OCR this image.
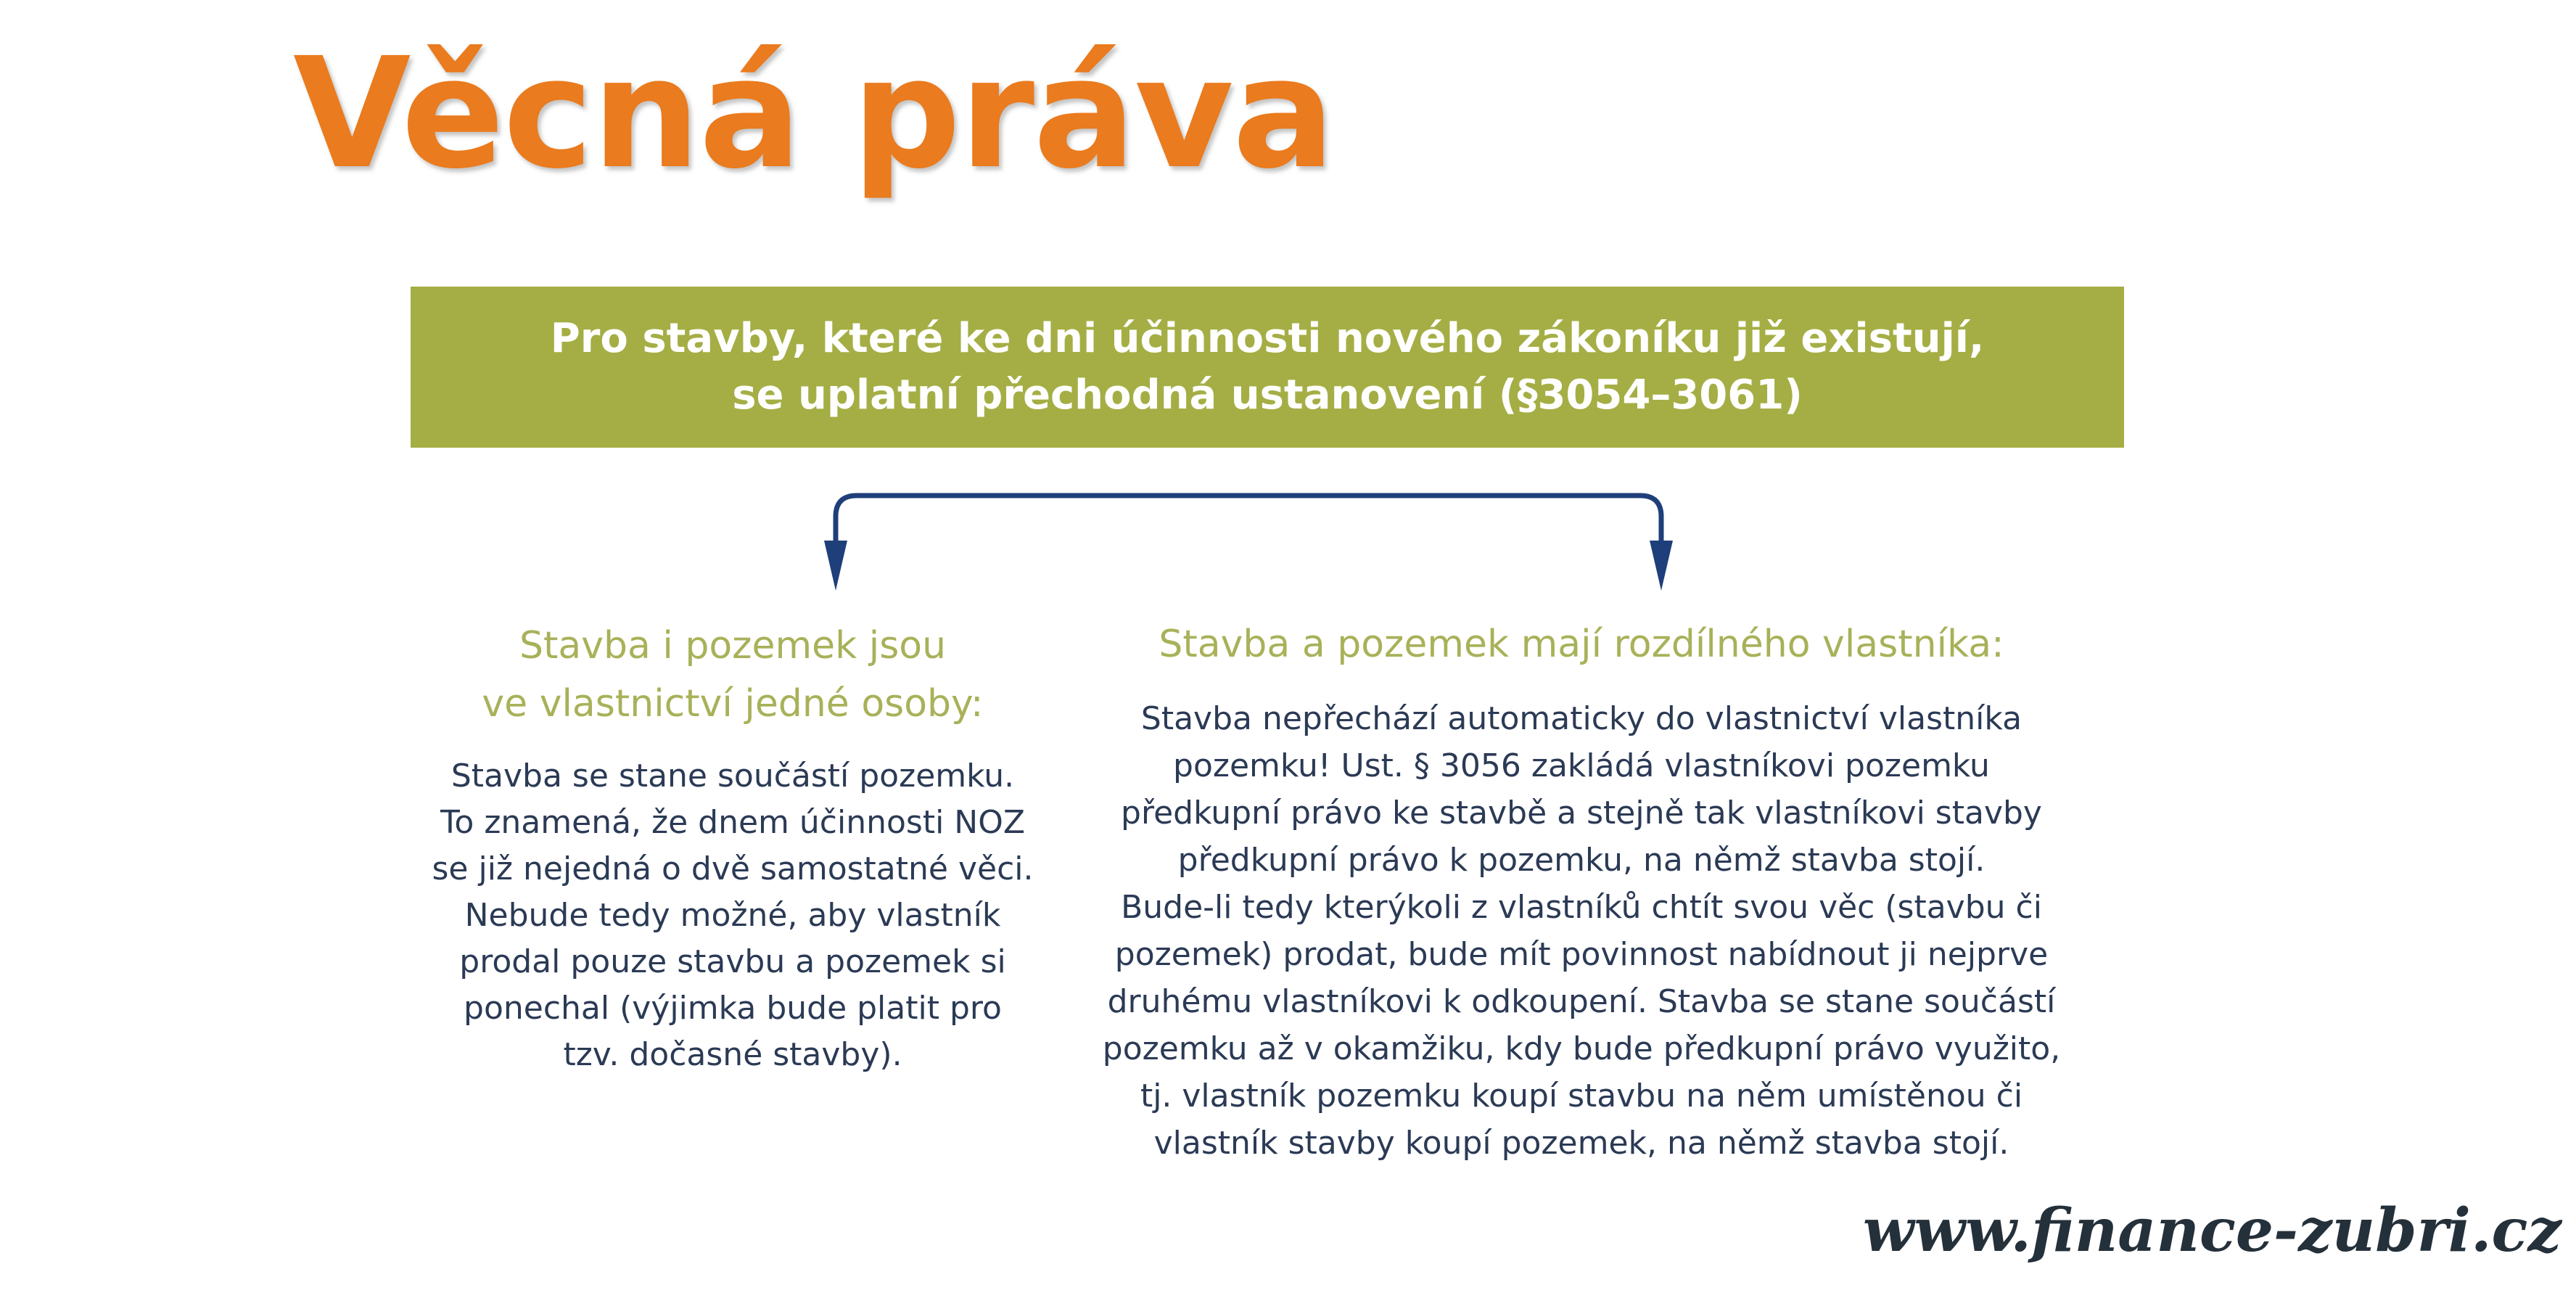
Věcná práva
Pro stavby, které ke dni účinnosti nového zákoníku již existují,
se uplatní přechodná ustanovení (§3054–3061)
Stavba i pozemek jsou
ve vlastnictví jedné osoby:
Stavba a pozemek mají rozdílného vlastníka:
Stavba se stane součástí pozemku.
To znamená, že dnem účinnosti NOZ
se již nejedná o dvě samostatné věci.
Nebude tedy možné, aby vlastník
prodal pouze stavbu a pozemek si
ponechal (výjimka bude platit pro
tzv. dočasné stavby).
Stavba nepřechází automaticky do vlastnictví vlastníka
pozemku! Ust. § 3056 zakládá vlastníkovi pozemku
předkupní právo ke stavbě a stejně tak vlastníkovi stavby
předkupní právo k pozemku, na němž stavba stojí.
Bude-li tedy kterýkoli z vlastníků chtít svou věc (stavbu či
pozemek) prodat, bude mít povinnost nabídnout ji nejprve
druhému vlastníkovi k odkoupení. Stavba se stane součástí
pozemku až v okamžiku, kdy bude předkupní právo využito,
tj. vlastník pozemku koupí stavbu na něm umístěnou či
vlastník stavby koupí pozemek, na němž stavba stojí.
www.finance-zubri.cz
